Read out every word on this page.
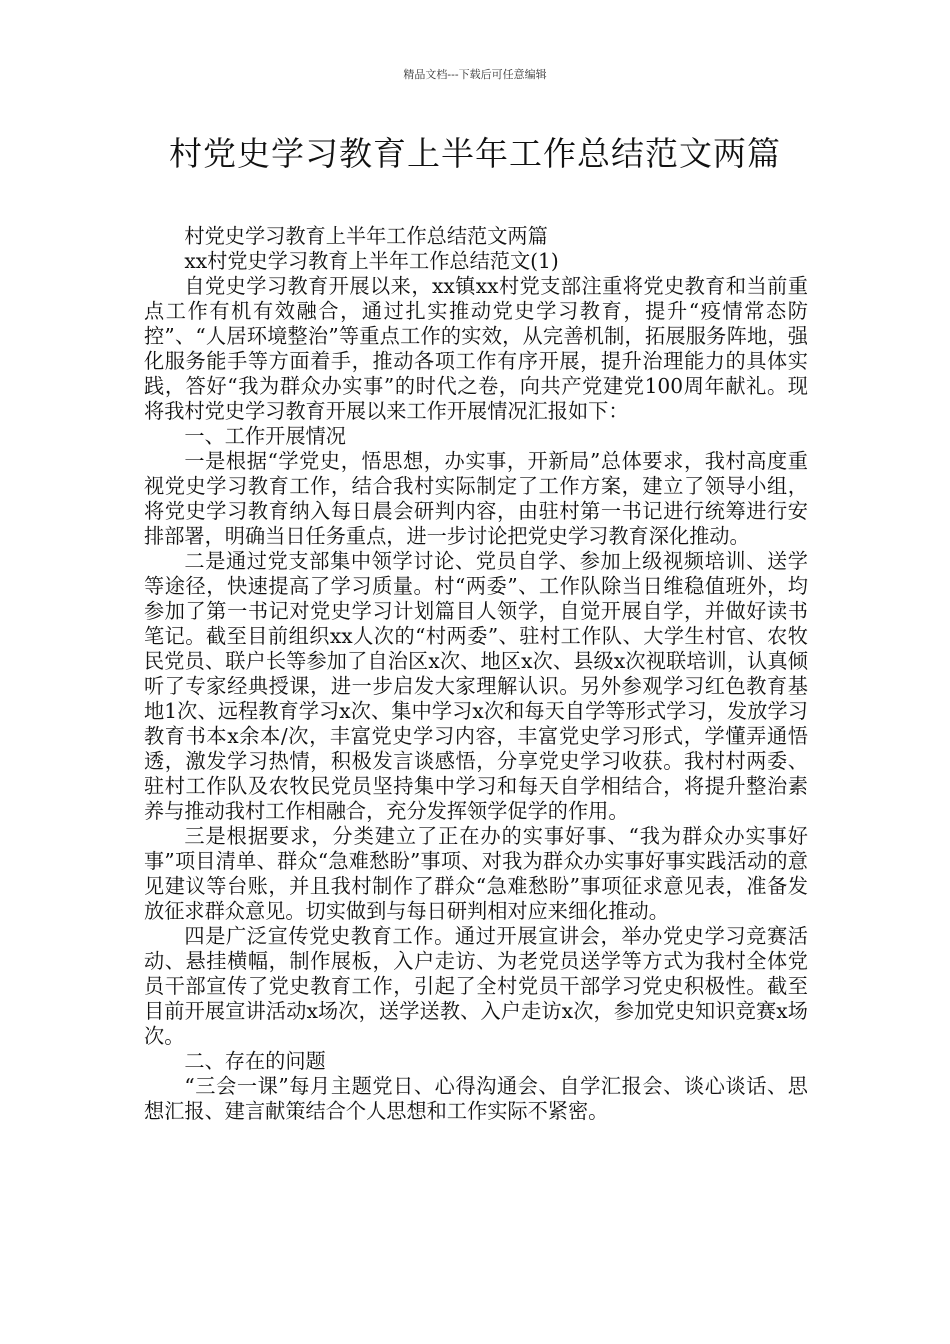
精品文档---下载后可任意编辑
村党史学习教育上半年工作总结范文两篇

村党史学习教育上半年工作总结范文两篇

xx村党史学习教育上半年工作总结范文(1)

自党史学习教育开展以来，xx镇xx村党支部注重将党史教育和当前重点工作有机有效融合，通过扎实推动党史学习教育，提升“疫情常态防控”、“人居环境整治”等重点工作的实效，从完善机制，拓展服务阵地，强化服务能手等方面着手，推动各项工作有序开展，提升治理能力的具体实践，答好“我为群众办实事”的时代之卷，向共产党建党100周年献礼。现将我村党史学习教育开展以来工作开展情况汇报如下：

一、工作开展情况

一是根据“学党史，悟思想，办实事，开新局”总体要求，我村高度重视党史学习教育工作，结合我村实际制定了工作方案，建立了领导小组，将党史学习教育纳入每日晨会研判内容，由驻村第一书记进行统筹进行安排部署，明确当日任务重点，进一步讨论把党史学习教育深化推动。

二是通过党支部集中领学讨论、党员自学、参加上级视频培训、送学等途径，快速提高了学习质量。村“两委”、工作队除当日维稳值班外，均参加了第一书记对党史学习计划篇目人领学，自觉开展自学，并做好读书笔记。截至目前组织xx人次的“村两委”、驻村工作队、大学生村官、农牧民党员、联户长等参加了自治区x次、地区x次、县级x次视联培训，认真倾听了专家经典授课，进一步启发大家理解认识。另外参观学习红色教育基地1次、远程教育学习x次、集中学习x次和每天自学等形式学习，发放学习教育书本x余本/次，丰富党史学习内容，丰富党史学习形式，学懂弄通悟透，激发学习热情，积极发言谈感悟，分享党史学习收获。我村村两委、驻村工作队及农牧民党员坚持集中学习和每天自学相结合，将提升整治素养与推动我村工作相融合，充分发挥领学促学的作用。

三是根据要求，分类建立了正在办的实事好事、“我为群众办实事好事”项目清单、群众“急难愁盼”事项、对我为群众办实事好事实践活动的意见建议等台账，并且我村制作了群众“急难愁盼”事项征求意见表，准备发放征求群众意见。切实做到与每日研判相对应来细化推动。

四是广泛宣传党史教育工作。通过开展宣讲会，举办党史学习竞赛活动、悬挂横幅，制作展板，入户走访、为老党员送学等方式为我村全体党员干部宣传了党史教育工作，引起了全村党员干部学习党史积极性。截至目前开展宣讲活动x场次，送学送教、入户走访x次，参加党史知识竞赛x场次。

二、存在的问题

“三会一课”每月主题党日、心得沟通会、自学汇报会、谈心谈话、思想汇报、建言献策结合个人思想和工作实际不紧密。
